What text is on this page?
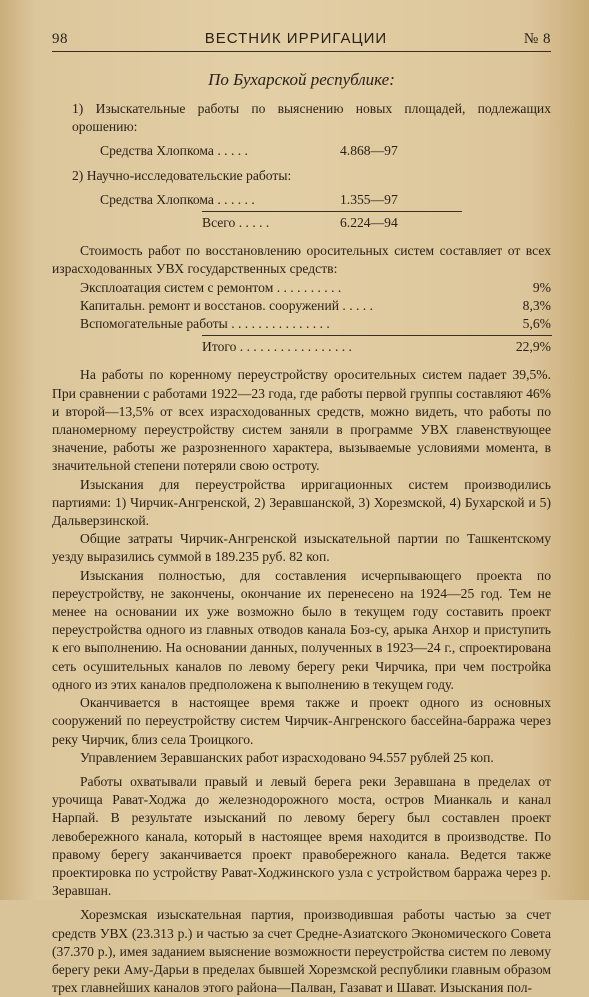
98	ВЕСТНИК ИРРИГАЦИИ	№ 8
По Бухарской республике:

1) Изыскательные работы по выяснению новых площадей, подлежащих орошению:

Средства Хлопкома . . . . .	4.868—97

2) Научно-исследовательские работы:

Средства Хлопкома . . . . . .	1.355—97
Всего . . . . .	6.224—94

Стоимость работ по восстановлению оросительных систем составляет от всех израсходованных УВХ государственных средств:

Эксплоатация систем с ремонтом . . . . . . . . . .	9%
Капитальн. ремонт и восстанов. сооружений . . . . .	8,3%
Вспомогательные работы . . . . . . . . . . . . . . .	5,6%
Итого . . . . . . . . . . . . . . . . .	22,9%

На работы по коренному переустройству оросительных систем падает 39,5%. При сравнении с работами 1922—23 года, где работы первой группы составляют 46% и второй—13,5% от всех израсходованных средств, можно видеть, что работы по планомерному переустройству систем заняли в программе УВХ главенствующее значение, работы же разрозненного характера, вызываемые условиями момента, в значительной степени потеряли свою остроту.

Изыскания для переустройства ирригационных систем производились партиями: 1) Чирчик-Ангренской, 2) Зеравшанской, 3) Хорезмской, 4) Бухарской и 5) Дальверзинской.

Общие затраты Чирчик-Ангренской изыскательной партии по Ташкентскому уезду выразились суммой в 189.235 руб. 82 коп.

Изыскания полностью, для составления исчерпывающего проекта по переустройству, не закончены, окончание их перенесено на 1924—25 год. Тем не менее на основании их уже возможно было в текущем году составить проект переустройства одного из главных отводов канала Боз-су, арыка Анхор и приступить к его выполнению. На основании данных, полученных в 1923—24 г., спроектирована сеть осушительных каналов по левому берегу реки Чирчика, при чем постройка одного из этих каналов предположена к выполнению в текущем году.

Оканчивается в настоящее время также и проект одного из основных сооружений по переустройству систем Чирчик-Ангренского бассейна-барража через реку Чирчик, близ села Троицкого.

Управлением Зеравшанских работ израсходовано 94.557 рублей 25 коп.

Работы охватывали правый и левый берега реки Зеравшана в пределах от урочища Рават-Ходжа до железнодорожного моста, остров Мианкаль и канал Нарпай. В результате изысканий по левому берегу был составлен проект левобережного канала, который в настоящее время находится в производстве. По правому берегу заканчивается проект правобережного канала. Ведется также проектировка по устройству Рават-Ходжинского узла с устройством барража через р. Зеравшан.

Хорезмская изыскательная партия, производившая работы частью за счет средств УВХ (23.313 р.) и частью за счет Средне-Азиатского Экономического Совета (37.370 р.), имея заданием выяснение возможности переустройства систем по левому берегу реки Аму-Дарьи в пределах бывшей Хорезмской республики главным образом трех главнейших каналов этого района—Палван, Газават и Шават. Изыскания пол-
